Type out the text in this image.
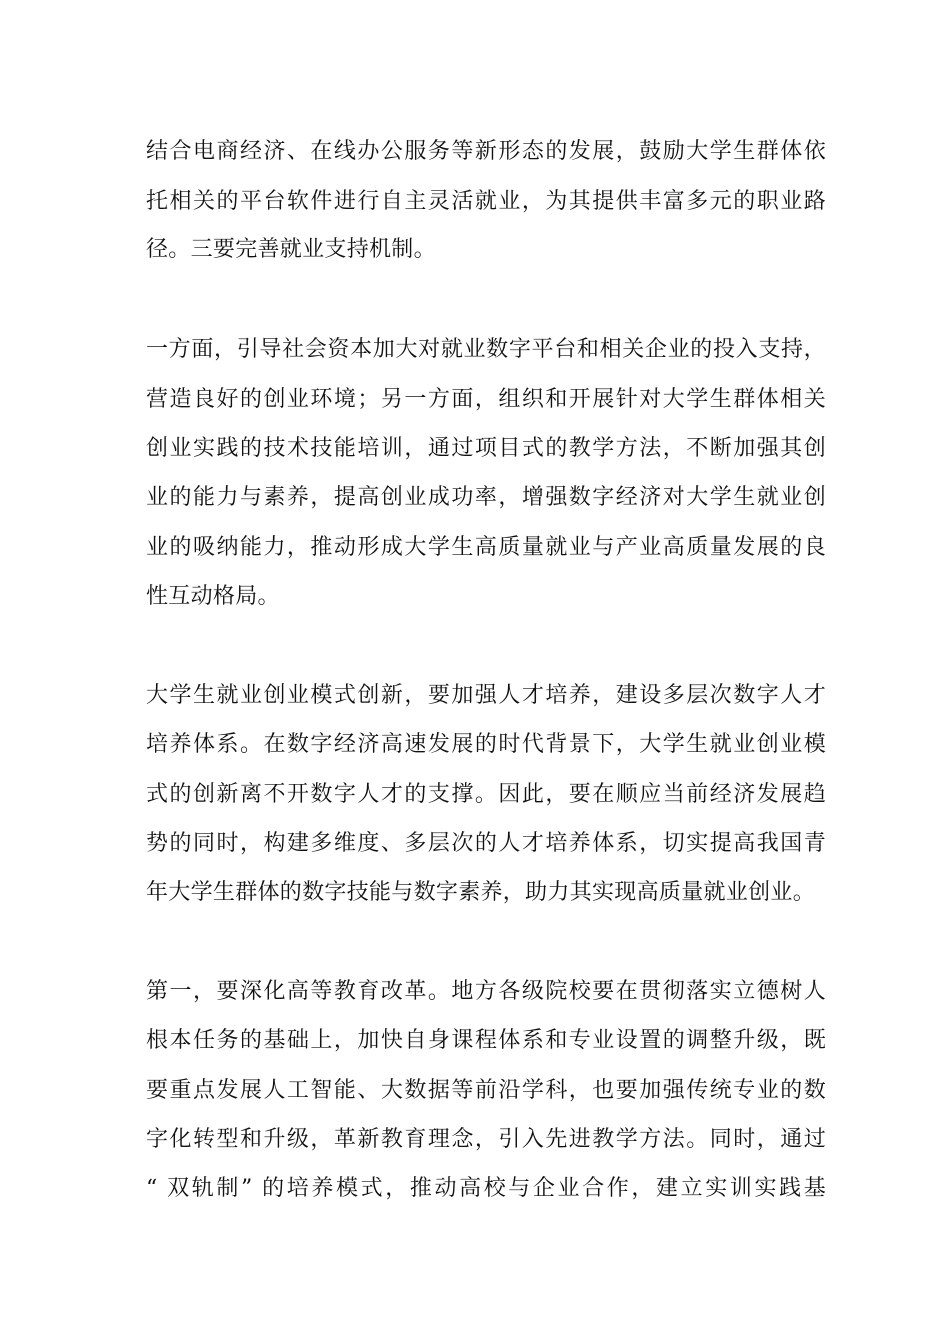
结合电商经济、在线办公服务等新形态的发展，鼓励大学生群体依
托相关的平台软件进行自主灵活就业，为其提供丰富多元的职业路
径。三要完善就业支持机制。
一方面，引导社会资本加大对就业数字平台和相关企业的投入支持，
营造良好的创业环境；另一方面，组织和开展针对大学生群体相关
创业实践的技术技能培训，通过项目式的教学方法，不断加强其创
业的能力与素养，提高创业成功率，增强数字经济对大学生就业创
业的吸纳能力，推动形成大学生高质量就业与产业高质量发展的良
性互动格局。
大学生就业创业模式创新，要加强人才培养，建设多层次数字人才
培养体系。在数字经济高速发展的时代背景下，大学生就业创业模
式的创新离不开数字人才的支撑。因此，要在顺应当前经济发展趋
势的同时，构建多维度、多层次的人才培养体系，切实提高我国青
年大学生群体的数字技能与数字素养，助力其实现高质量就业创业。
第一，要深化高等教育改革。地方各级院校要在贯彻落实立德树人
根本任务的基础上，加快自身课程体系和专业设置的调整升级，既
要重点发展人工智能、大数据等前沿学科，也要加强传统专业的数
字化转型和升级，革新教育理念，引入先进教学方法。同时，通过
“ 双轨制” 的培养模式，推动高校与企业合作，建立实训实践基
